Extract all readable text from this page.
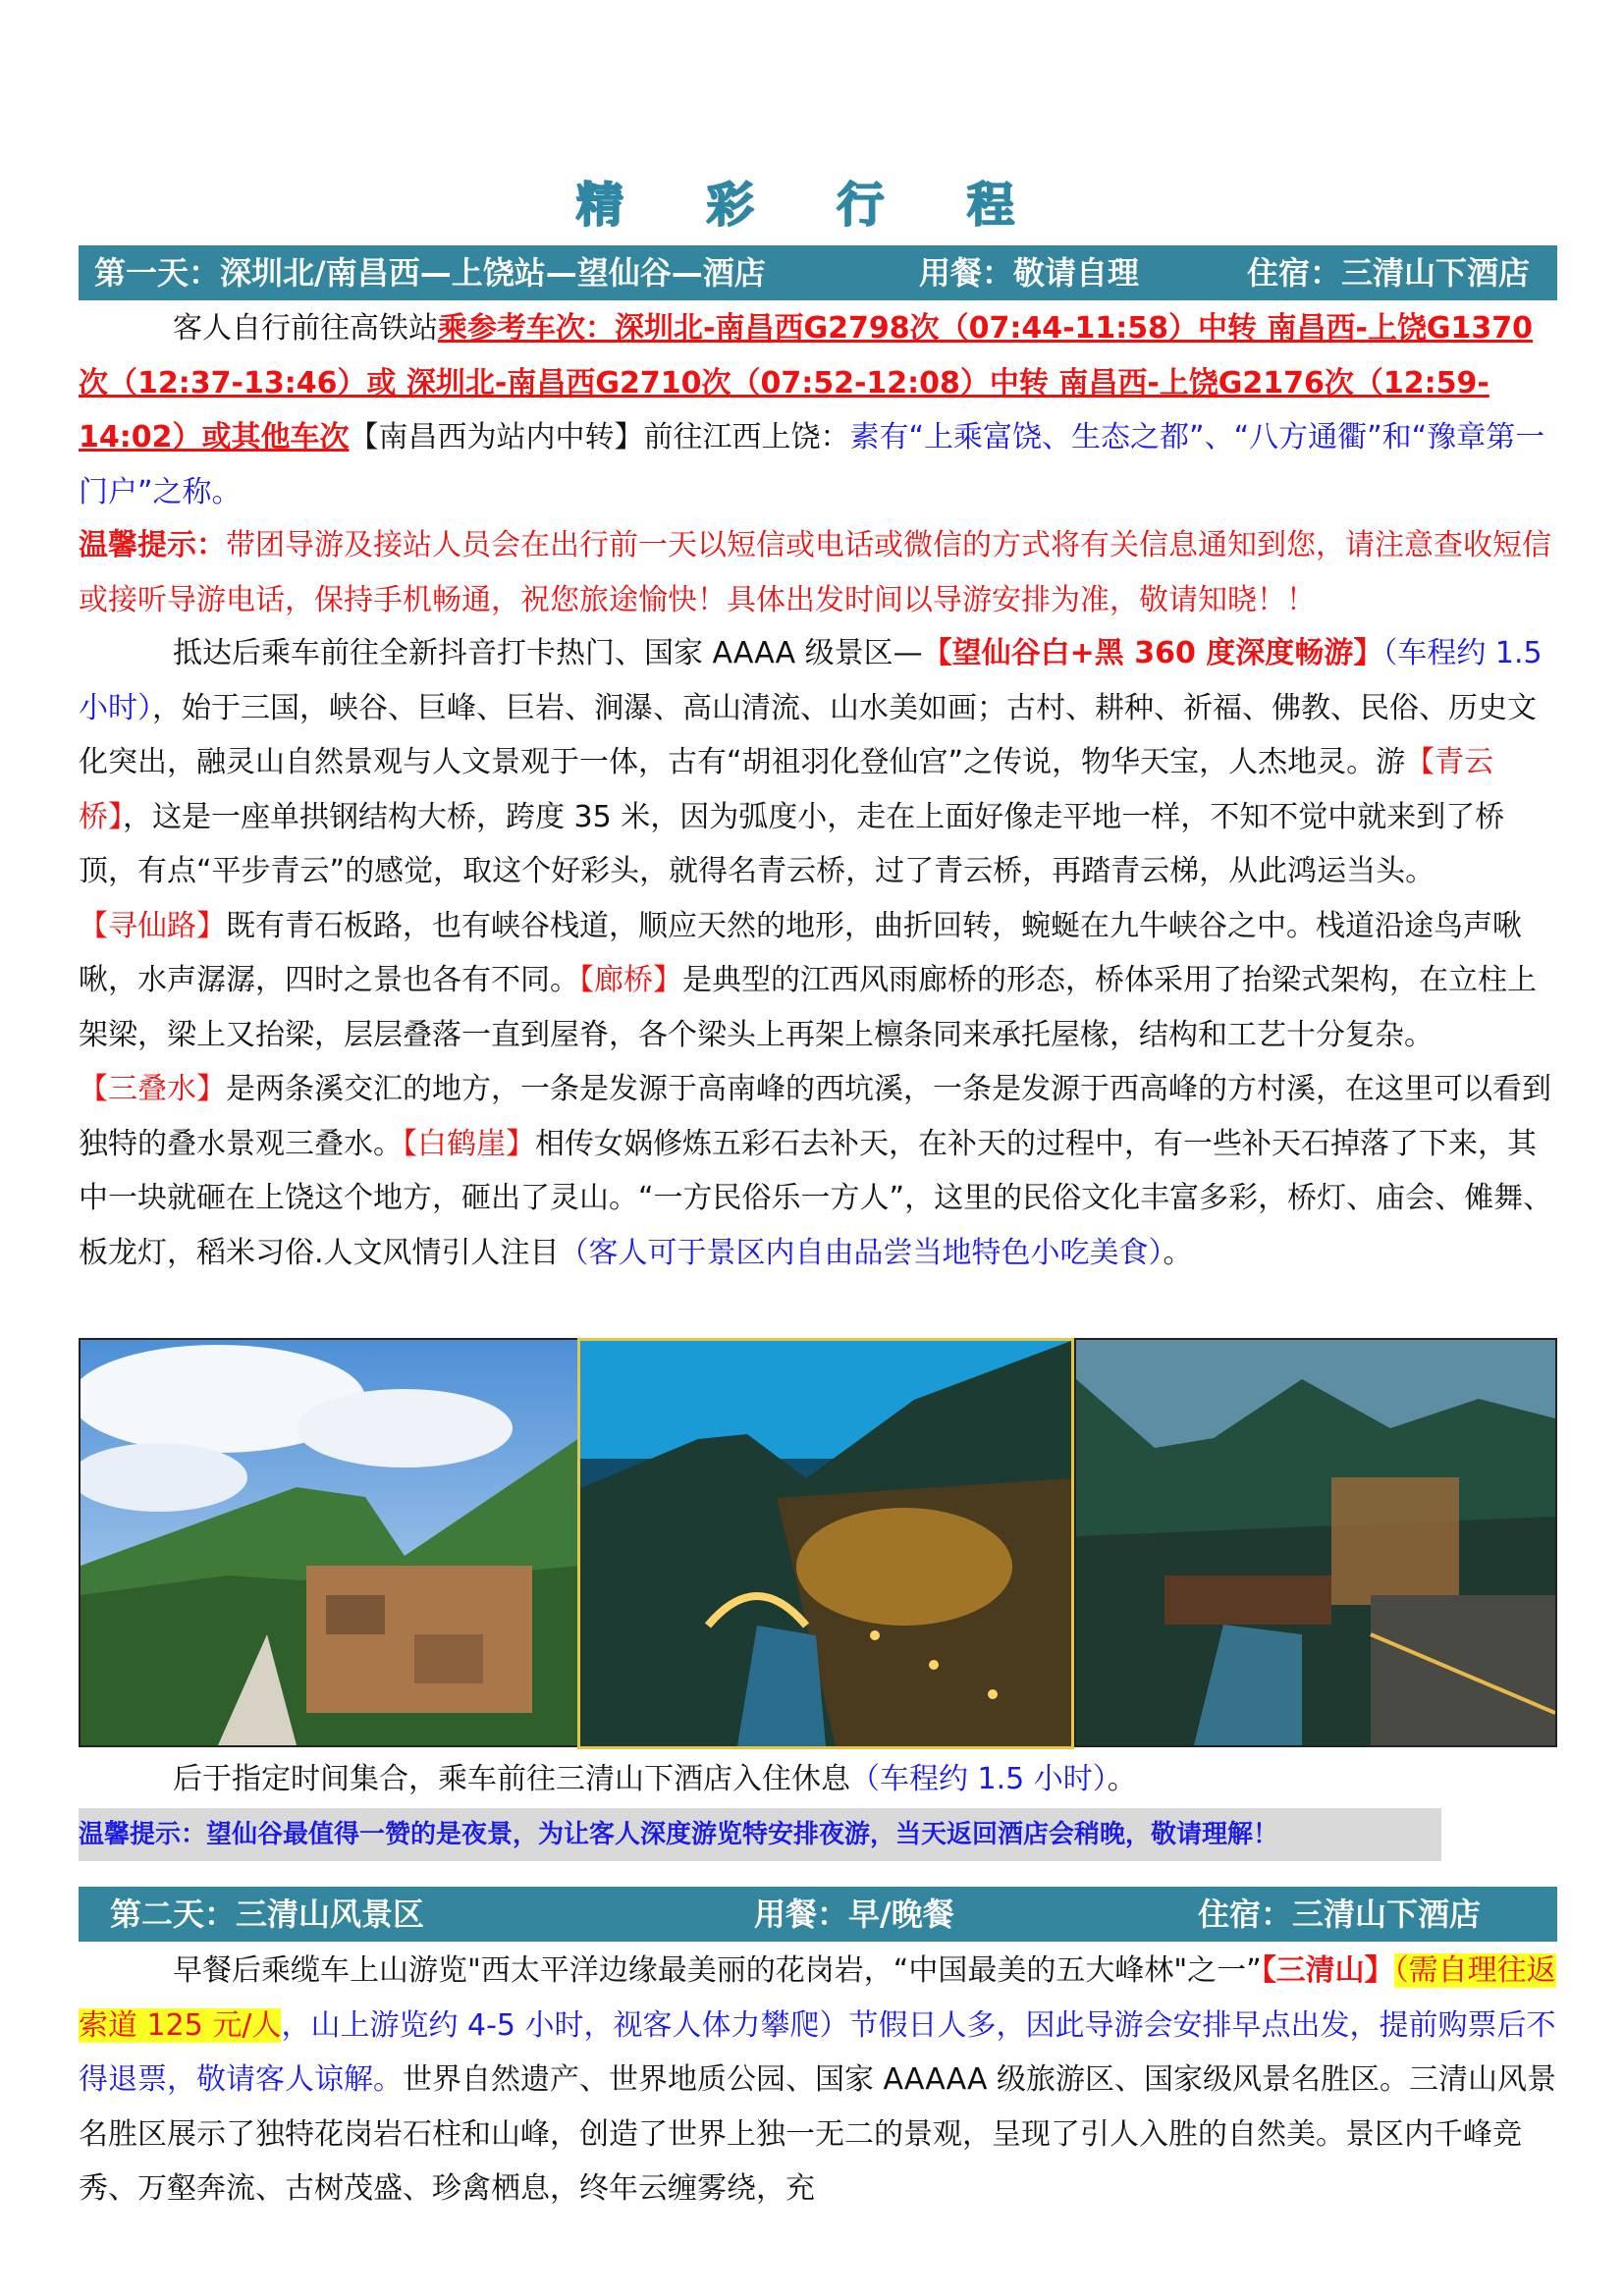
精 彩 行 程
第一天：深圳北/南昌西—上饶站—望仙谷—酒店	用餐：敬请自理	住宿：三清山下酒店
客人自行前往高铁站乘参考车次：深圳北-南昌西G2798次（07:44-11:58）中转 南昌西-上饶G1370次（12:37-13:46）或 深圳北-南昌西G2710次（07:52-12:08）中转 南昌西-上饶G2176次（12:59-14:02）或其他车次【南昌西为站内中转】前往江西上饶：素有“上乘富饶、生态之都”、“八方通衢”和“豫章第一门户”之称。
温馨提示：带团导游及接站人员会在出行前一天以短信或电话或微信的方式将有关信息通知到您，请注意查收短信或接听导游电话，保持手机畅通，祝您旅途愉快！具体出发时间以导游安排为准，敬请知晓！！
抵达后乘车前往全新抖音打卡热门、国家 AAAA 级景区—【望仙谷白+黑 360 度深度畅游】（车程约 1.5 小时），始于三国，峡谷、巨峰、巨岩、涧瀑、高山清流、山水美如画；古村、耕种、祈福、佛教、民俗、历史文化突出，融灵山自然景观与人文景观于一体，古有“胡祖羽化登仙宫”之传说，物华天宝，人杰地灵。游【青云桥】，这是一座单拱钢结构大桥，跨度 35 米，因为弧度小，走在上面好像走平地一样，不知不觉中就来到了桥顶，有点“平步青云”的感觉，取这个好彩头，就得名青云桥，过了青云桥，再踏青云梯，从此鸿运当头。【寻仙路】既有青石板路，也有峡谷栈道，顺应天然的地形，曲折回转，蜿蜒在九牛峡谷之中。栈道沿途鸟声啾啾，水声潺潺，四时之景也各有不同。【廊桥】是典型的江西风雨廊桥的形态，桥体采用了抬梁式架构，在立柱上架梁，梁上又抬梁，层层叠落一直到屋脊，各个梁头上再架上檩条同来承托屋椽，结构和工艺十分复杂。【三叠水】是两条溪交汇的地方，一条是发源于高南峰的西坑溪，一条是发源于西高峰的方村溪，在这里可以看到独特的叠水景观三叠水。【白鹤崖】相传女娲修炼五彩石去补天，在补天的过程中，有一些补天石掉落了下来，其中一块就砸在上饶这个地方，砸出了灵山。“一方民俗乐一方人”，这里的民俗文化丰富多彩，桥灯、庙会、傩舞、板龙灯，稻米习俗.人文风情引人注目（客人可于景区内自由品尝当地特色小吃美食）。
后于指定时间集合，乘车前往三清山下酒店入住休息（车程约 1.5 小时）。
温馨提示：望仙谷最值得一赞的是夜景，为让客人深度游览特安排夜游，当天返回酒店会稍晚，敬请理解！
第二天：三清山风景区	用餐：早/晚餐	住宿：三清山下酒店
早餐后乘缆车上山游览"西太平洋边缘最美丽的花岗岩，“中国最美的五大峰林"之一”【三清山】（需自理往返索道 125 元/人，山上游览约 4-5 小时，视客人体力攀爬）节假日人多，因此导游会安排早点出发，提前购票后不得退票，敬请客人谅解。世界自然遗产、世界地质公园、国家 AAAAA 级旅游区、国家级风景名胜区。三清山风景名胜区展示了独特花岗岩石柱和山峰，创造了世界上独一无二的景观，呈现了引人入胜的自然美。景区内千峰竞秀、万壑奔流、古树茂盛、珍禽栖息，终年云缠雾绕，充
